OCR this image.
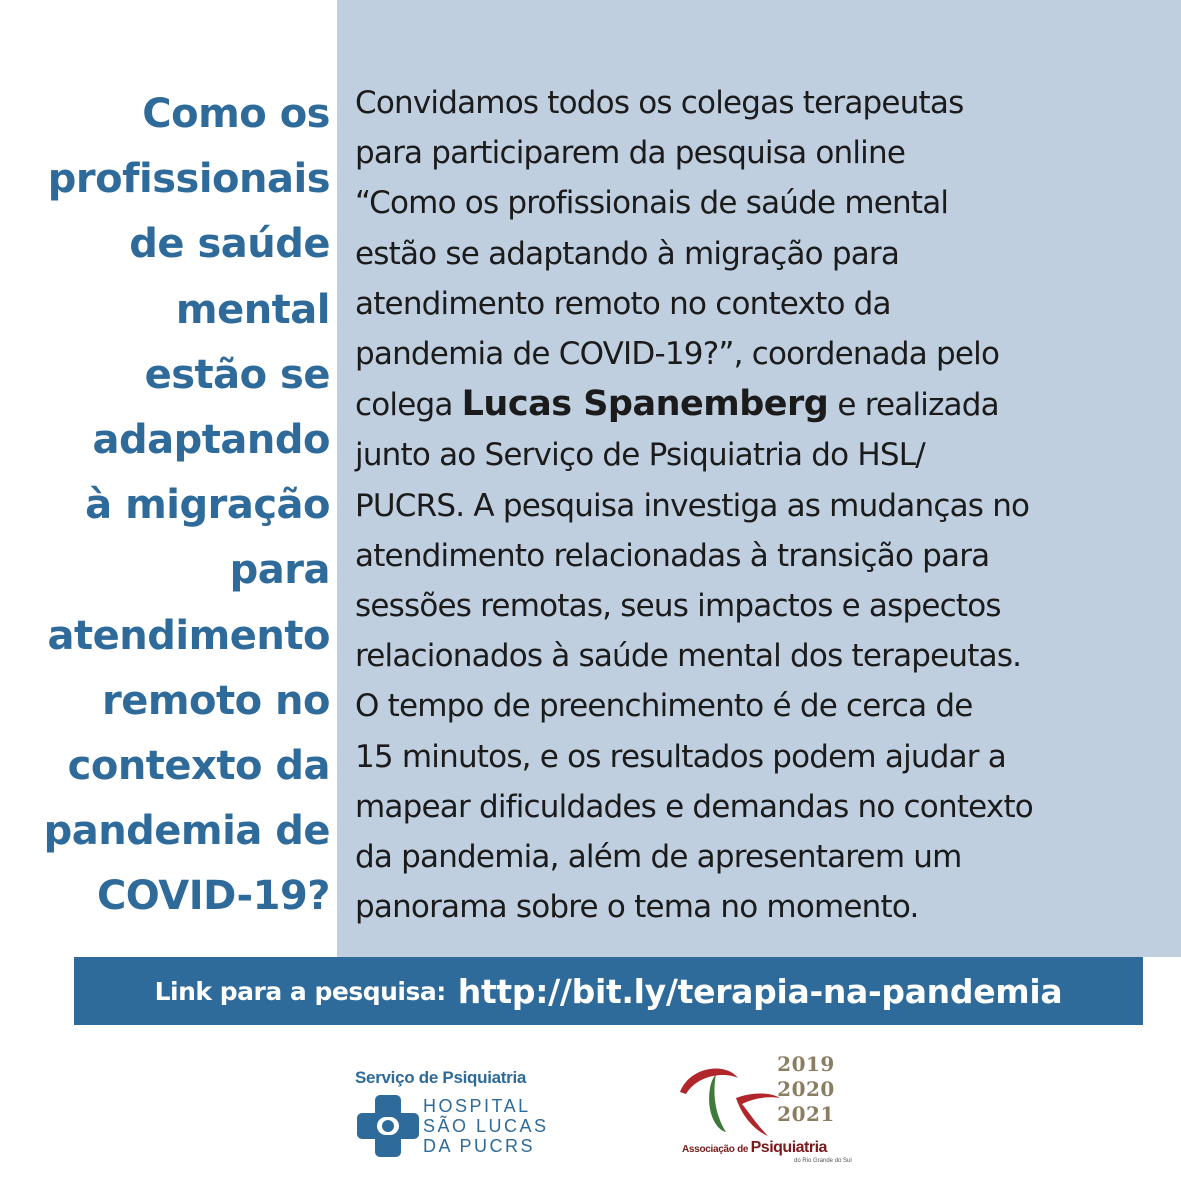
Como os
profissionais
de saúde
mental
estão se
adaptando
à migração
para
atendimento
remoto no
contexto da
pandemia de
COVID-19?
Convidamos todos os colegas terapeutas
para participarem da pesquisa online
“Como os profissionais de saúde mental
estão se adaptando à migração para
atendimento remoto no contexto da
pandemia de COVID-19?”, coordenada pelo
colega Lucas Spanemberg e realizada
junto ao Serviço de Psiquiatria do HSL/
PUCRS. A pesquisa investiga as mudanças no
atendimento relacionadas à transição para
sessões remotas, seus impactos e aspectos
relacionados à saúde mental dos terapeutas.
O tempo de preenchimento é de cerca de
15 minutos, e os resultados podem ajudar a
mapear dificuldades e demandas no contexto
da pandemia, além de apresentarem um
panorama sobre o tema no momento.
Link para a pesquisa: http://bit.ly/terapia-na-pandemia
Serviço de Psiquiatria
HOSPITAL
SÃO LUCAS
DA PUCRS
2019
2020
2021
Associação de Psiquiatria
do Rio Grande do Sul
